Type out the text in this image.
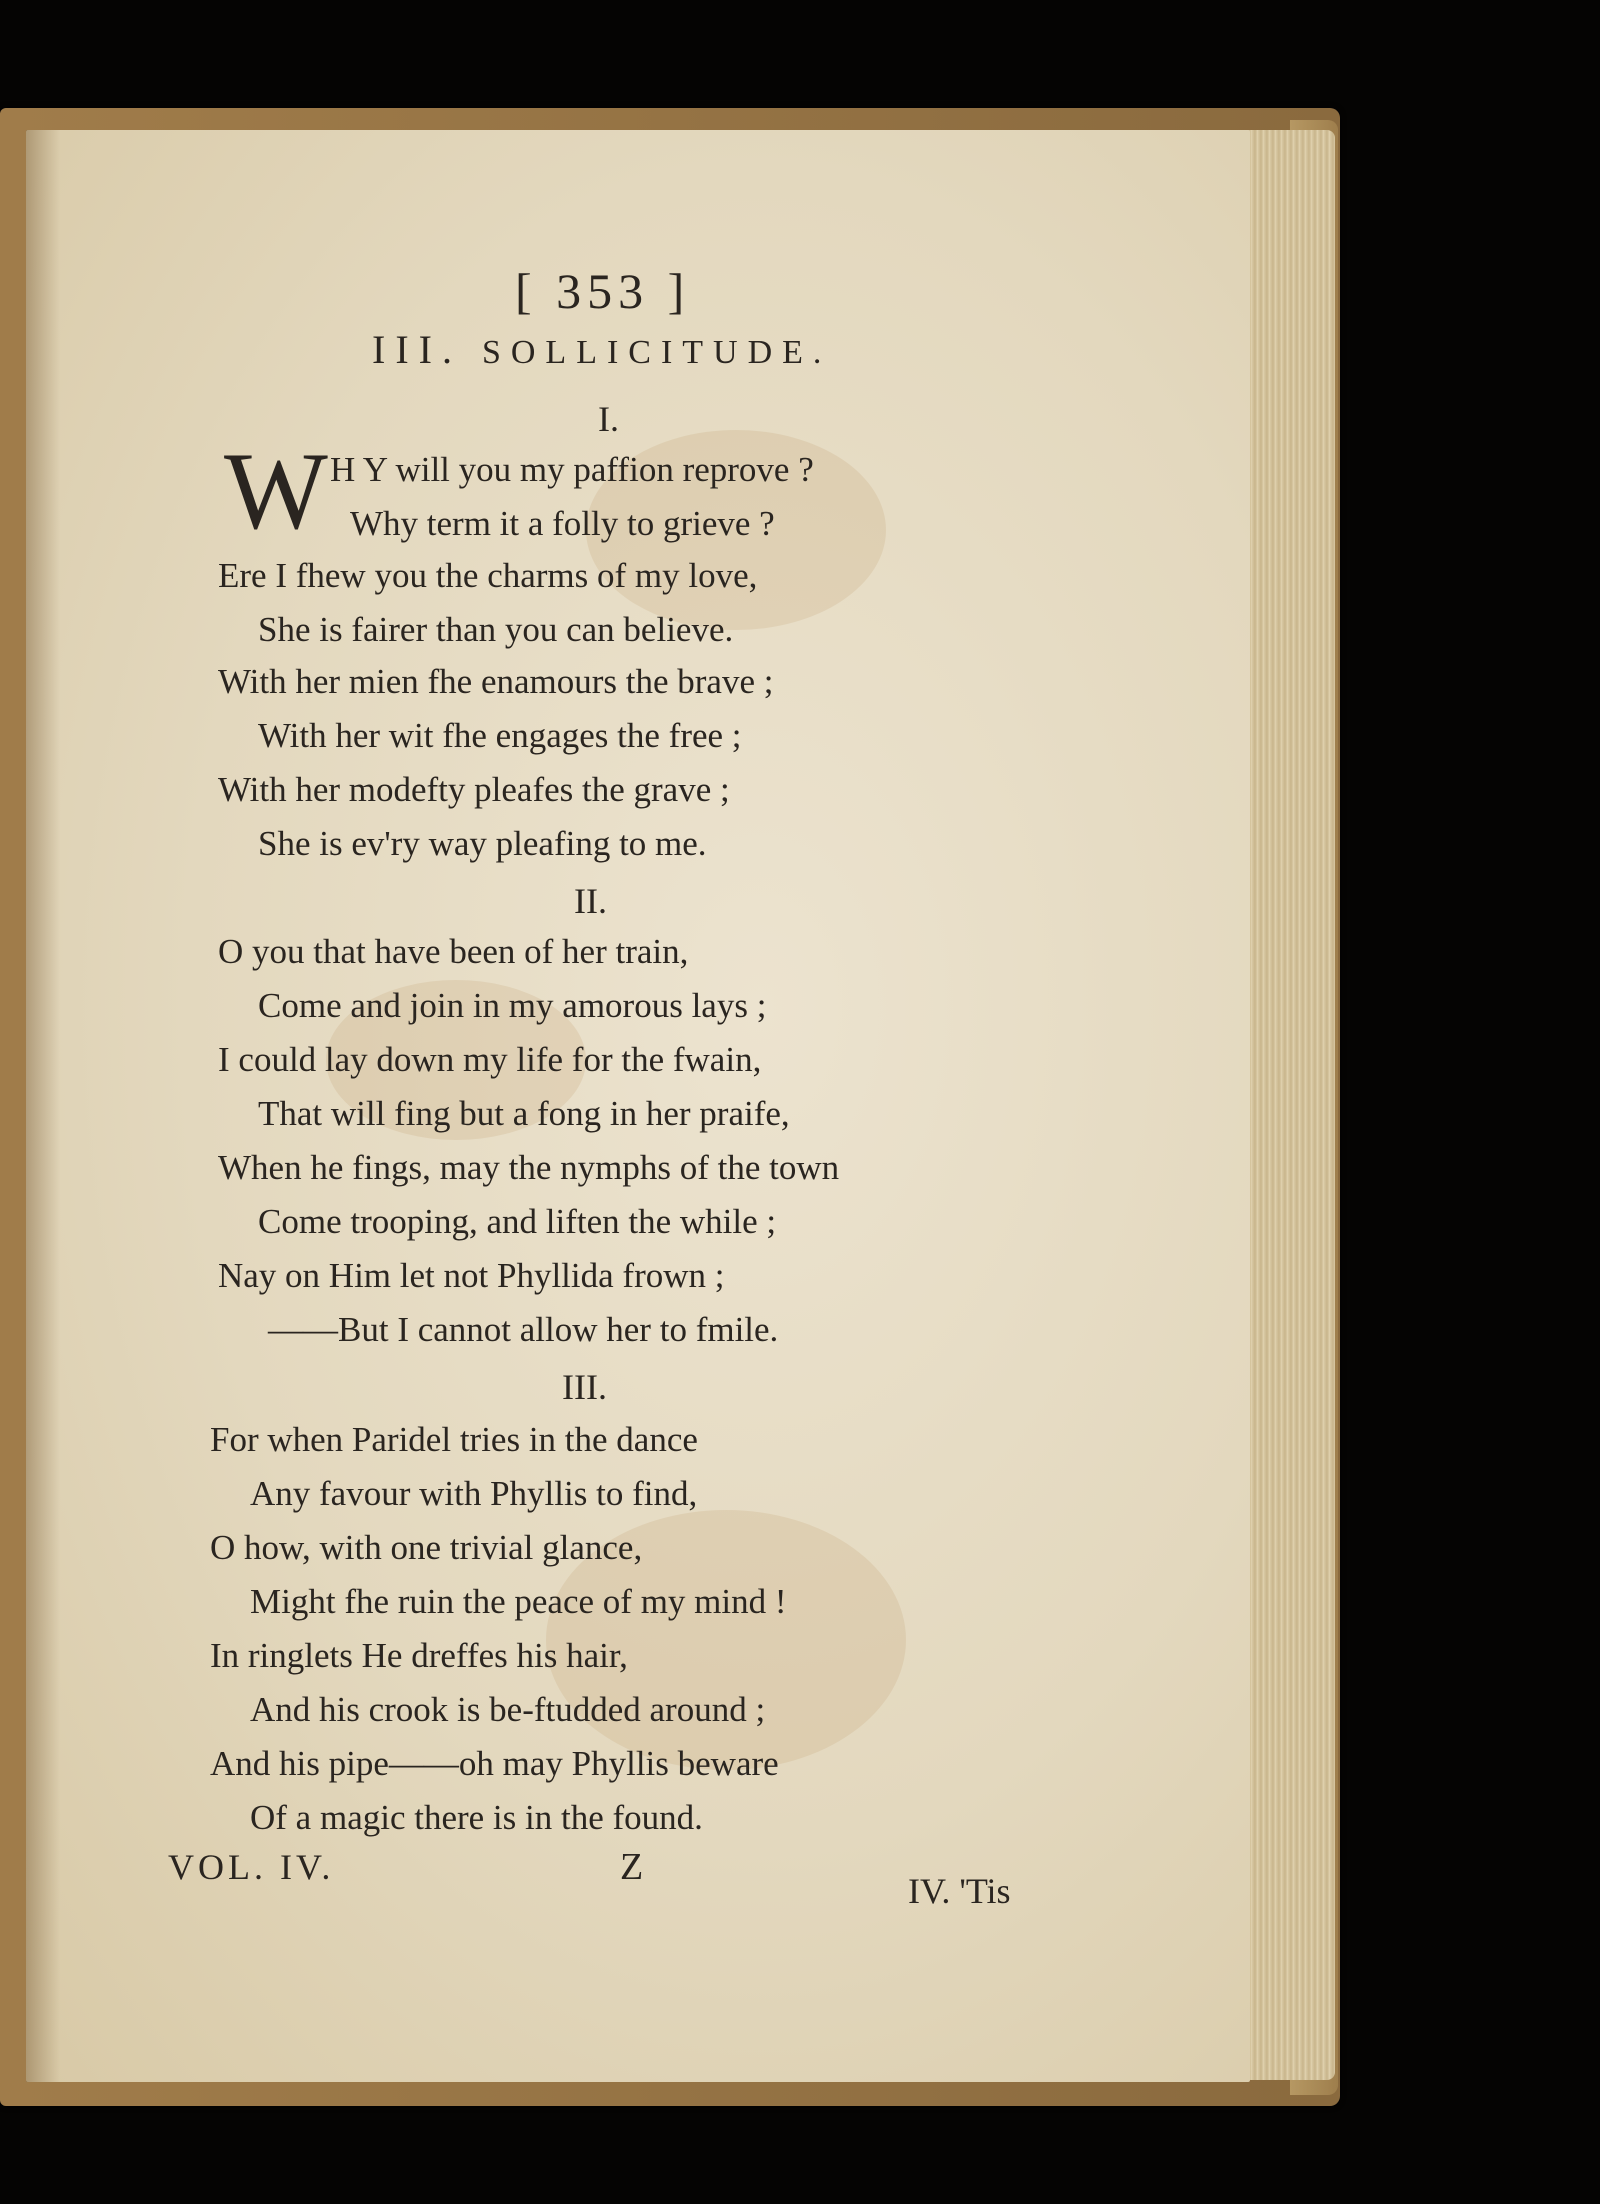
[ 353 ]
III. SOLLICITUDE.
I.
W H Y will you my paffion reprove ?
Why term it a folly to grieve ?
Ere I fhew you the charms of my love,
She is fairer than you can believe.
With her mien fhe enamours the brave ;
With her wit fhe engages the free ;
With her modefty pleafes the grave ;
She is ev'ry way pleafing to me.
II.
O you that have been of her train,
Come and join in my amorous lays ;
I could lay down my life for the fwain,
That will fing but a fong in her praife,
When he fings, may the nymphs of the town
Come trooping, and liften the while ;
Nay on Him let not Phyllida frown ;
——But I cannot allow her to fmile.
III.
For when Paridel tries in the dance
Any favour with Phyllis to find,
O how, with one trivial glance,
Might fhe ruin the peace of my mind !
In ringlets He dreffes his hair,
And his crook is be-ftudded around ;
And his pipe——oh may Phyllis beware
Of a magic there is in the found.
VOL. IV.	Z
IV. 'Tis
